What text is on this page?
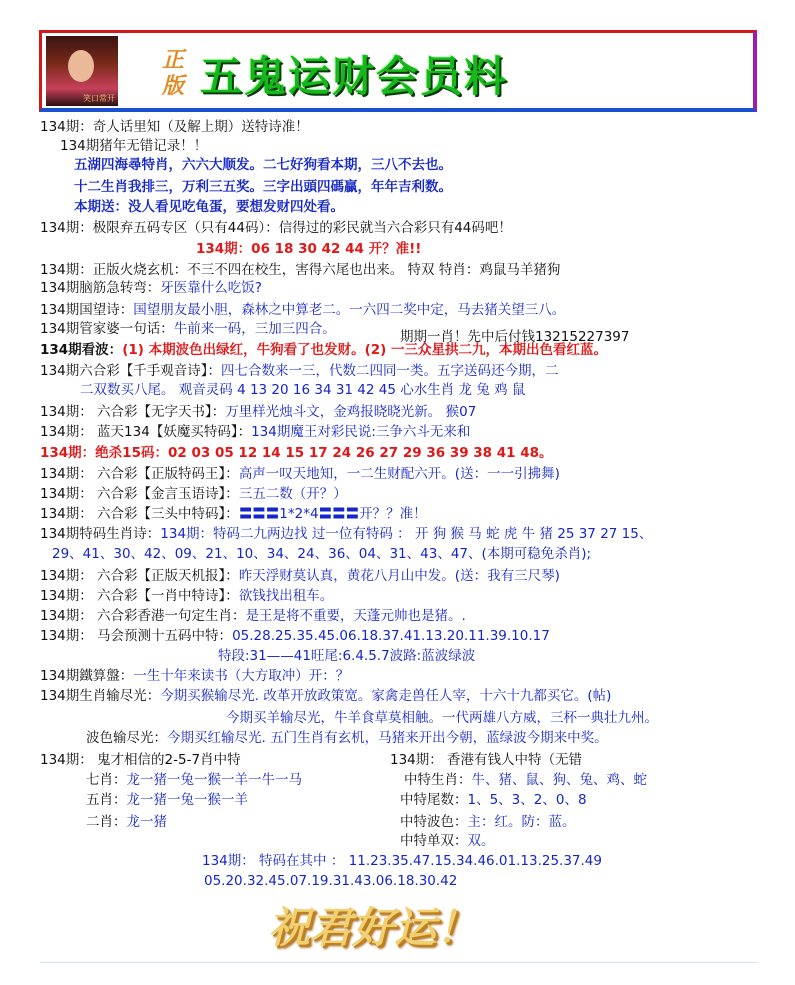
笑口常开
正版 五鬼运财会员料
134期：奇人话里知（及解上期）送特诗准！
134期猪年无错记录！！
五湖四海尋特肖，六六大顺发。二七好狗看本期，三八不去也。
十二生肖我排三，万利三五奖。三字出頭四碼贏，年年吉利数。
本期送：没人看见吃龟蛋，要想发财四处看。
134期：极限弃五码专区（只有44码）：信得过的彩民就当六合彩只有44码吧！
134期：06 18 30 42 44 开？准!!
134期：正版火烧玄机：不三不四在校生，害得六尾也出来。 特双 特肖：鸡鼠马羊猪狗
134期脑筋急转弯：牙医靠什么吃饭?
134期国望诗：国望朋友最小胆，森林之中算老二。一六四二奖中定，马去猪关望三八。
134期管家婆一句话：牛前来一码，三加三四合。	期期一肖！先中后付钱13215227397
134期看波：(1) 本期波色出绿红，牛狗看了也发财。(2) 一三众星拱二九，本期出色看红蓝。
134期六合彩【千手观音诗】：四七合数来一三，代数二四同一类。五字送码还今期，二
二双数买八尾。 观音灵码 4 13 20 16 34 31 42 45 心水生肖 龙 兔 鸡 鼠
134期： 六合彩【无字天书】：万里样光烛斗文，金鸡报晓晓光新。 猴07
134期： 蓝天134【妖魔买特码】：134期魔王对彩民说:三争六斗无来和
134期：绝杀15码：02 03 05 12 14 15 17 24 26 27 29 36 39 38 41 48。
134期： 六合彩【正版特码王】：高声一叹天地知，一二生财配六开。(送：一一引拂舞)
134期： 六合彩【金言玉语诗】：三五二数（开？）
134期： 六合彩【三头中特码】：〓〓〓1*2*4〓〓〓开？？准！
134期特码生肖诗：134期：特码二九两边找 过一位有特码 ： 开 狗 猴 马 蛇 虎 牛 猪 25 37 27 15、
29、41、30、42、09、21、10、34、24、36、04、31、43、47、(本期可稳免杀肖);
134期： 六合彩【正版天机报】：昨天浮财莫认真，黄花八月山中发。(送：我有三尺琴)
134期： 六合彩【一肖中特诗】：欲钱找出租车。
134期： 六合彩香港一句定生肖：是王是将不重要，天蓬元帅也是猪。.
134期： 马会预测十五码中特：05.28.25.35.45.06.18.37.41.13.20.11.39.10.17
特段:31——41旺尾:6.4.5.7波路:蓝波绿波
134期鐵算盤：一生十年来读书（大方取冲）开：？
134期生肖输尽光：今期买猴输尽光. 改革开放政策宽。家禽走兽任人宰，十六十九都买它。(帖)
今期买羊输尽光，牛羊食草莫相触。一代两雄八方威，三杯一典壮九州。
波色输尽光：今期买红输尽光. 五门生肖有玄机，马猪来开出今朝，蓝绿波今期来中奖。
134期： 鬼才相信的2-5-7肖中特	134期： 香港有钱人中特（无错
七肖：龙一猪一兔一猴一羊一牛一马	中特生肖：牛、猪、鼠、狗、兔、鸡、蛇
五肖：龙一猪一兔一猴一羊	中特尾数：1、5、3、2、0、8
二肖：龙一猪	中特波色：主：红。防：蓝。
中特单双：双。
134期： 特码在其中 ： 11.23.35.47.15.34.46.01.13.25.37.49
05.20.32.45.07.19.31.43.06.18.30.42
祝君好运！
